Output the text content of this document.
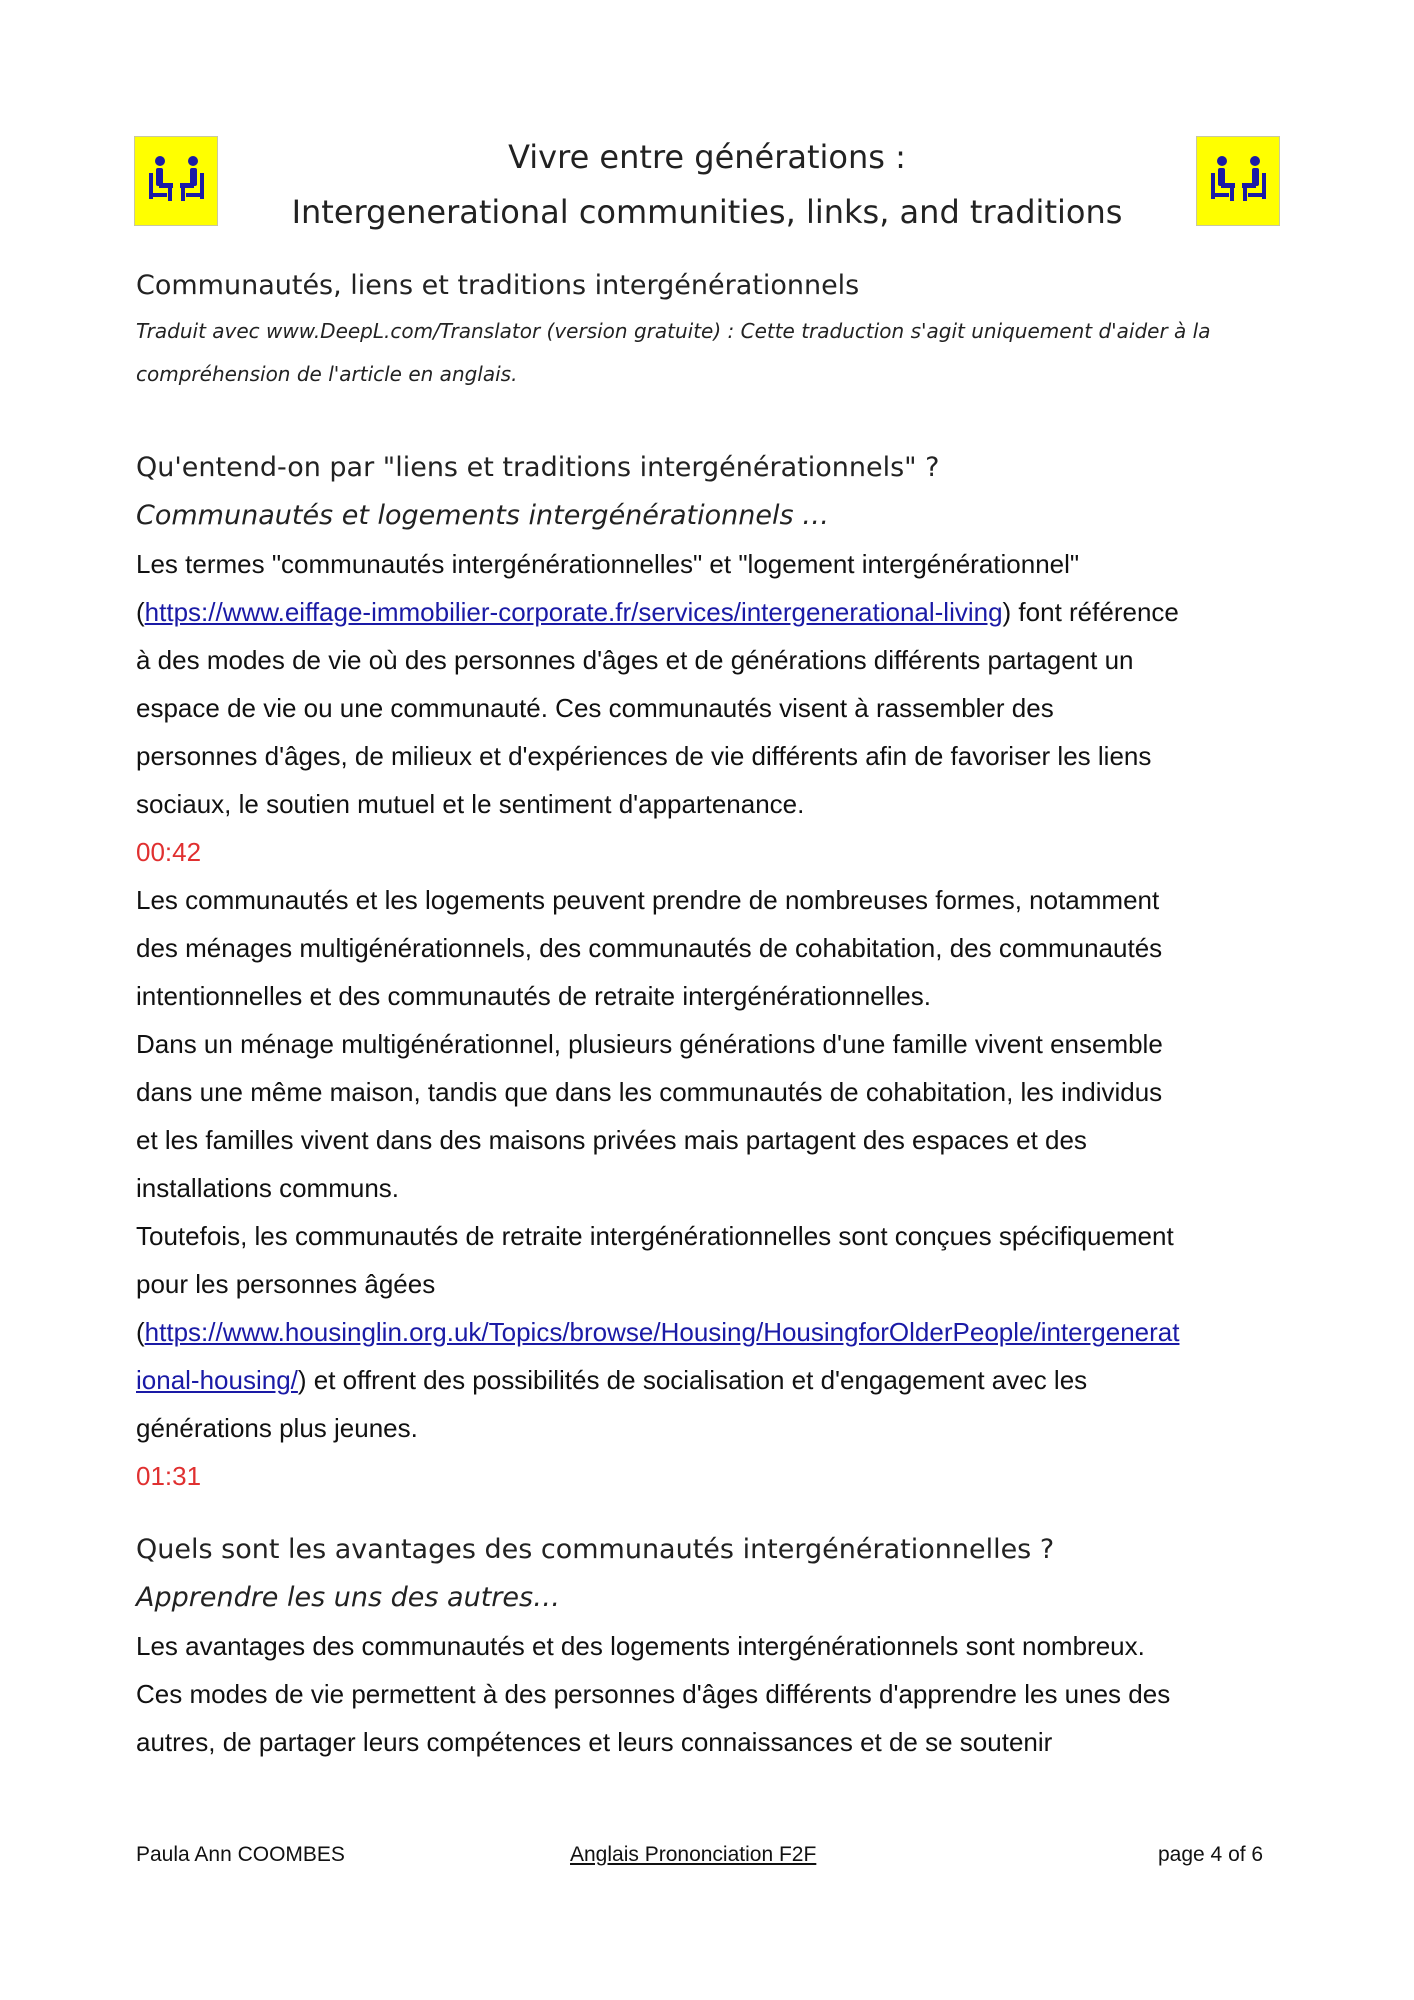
Vivre entre générations :
Intergenerational communities, links, and traditions
Communautés, liens et traditions intergénérationnels
Traduit avec www.DeepL.com/Translator (version gratuite) : Cette traduction s'agit uniquement d'aider à la
compréhension de l'article en anglais.
Qu'entend-on par "liens et traditions intergénérationnels" ?
Communautés et logements intergénérationnels …
Les termes "communautés intergénérationnelles" et "logement intergénérationnel"
(https://www.eiffage-immobilier-corporate.fr/services/intergenerational-living) font référence
à des modes de vie où des personnes d'âges et de générations différents partagent un
espace de vie ou une communauté. Ces communautés visent à rassembler des
personnes d'âges, de milieux et d'expériences de vie différents afin de favoriser les liens
sociaux, le soutien mutuel et le sentiment d'appartenance.
00:42
Les communautés et les logements peuvent prendre de nombreuses formes, notamment
des ménages multigénérationnels, des communautés de cohabitation, des communautés
intentionnelles et des communautés de retraite intergénérationnelles.
Dans un ménage multigénérationnel, plusieurs générations d'une famille vivent ensemble
dans une même maison, tandis que dans les communautés de cohabitation, les individus
et les familles vivent dans des maisons privées mais partagent des espaces et des
installations communs.
Toutefois, les communautés de retraite intergénérationnelles sont conçues spécifiquement
pour les personnes âgées
(https://www.housinglin.org.uk/Topics/browse/Housing/HousingforOlderPeople/intergenerat
ional-housing/) et offrent des possibilités de socialisation et d'engagement avec les
générations plus jeunes.
01:31
Quels sont les avantages des communautés intergénérationnelles ?
Apprendre les uns des autres…
Les avantages des communautés et des logements intergénérationnels sont nombreux.
Ces modes de vie permettent à des personnes d'âges différents d'apprendre les unes des
autres, de partager leurs compétences et leurs connaissances et de se soutenir
Paula Ann COOMBES	Anglais Prononciation F2F	page 4 of 6
